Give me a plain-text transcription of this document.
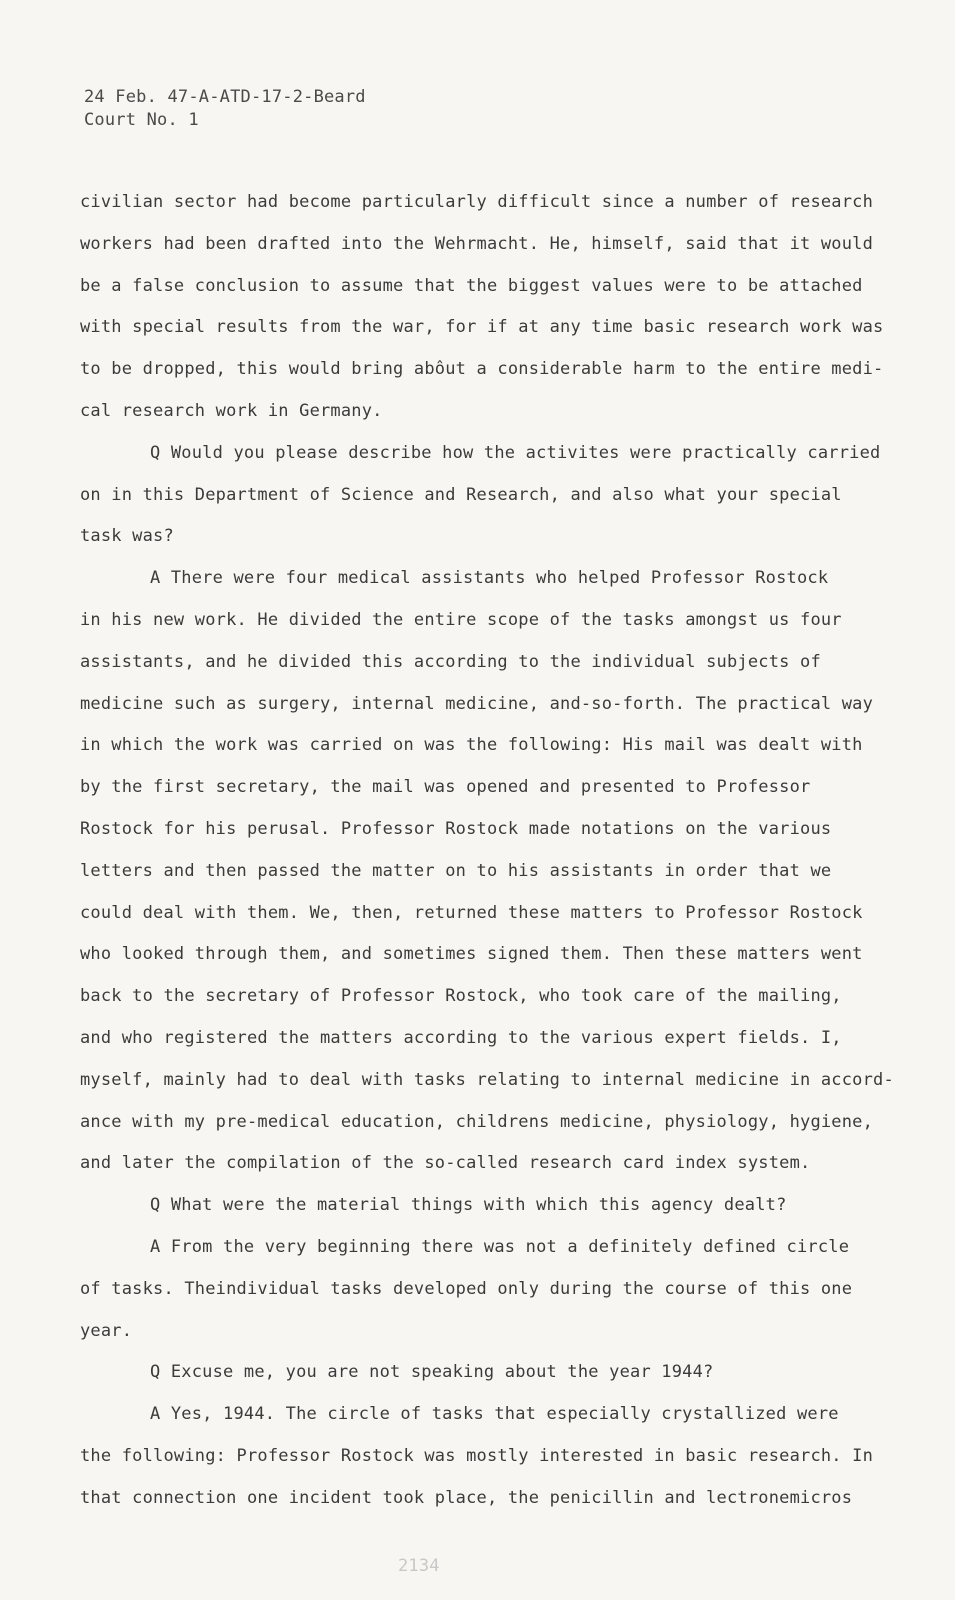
24 Feb. 47-A-ATD-17-2-Beard
Court No. 1
civilian sector had become particularly difficult since a number of research
workers had been drafted into the Wehrmacht. He, himself, said that it would
be a false conclusion to assume that the biggest values were to be attached
with special results from the war, for if at any time basic research work was
to be dropped, this would bring abôut a considerable harm to the entire medi-
cal research work in Germany.
Q Would you please describe how the activites were practically carried
on in this Department of Science and Research, and also what your special
task was?
A There were four medical assistants who helped Professor Rostock
in his new work. He divided the entire scope of the tasks amongst us four
assistants, and he divided this according to the individual subjects of
medicine such as surgery, internal medicine, and-so-forth. The practical way
in which the work was carried on was the following: His mail was dealt with
by the first secretary, the mail was opened and presented to Professor
Rostock for his perusal. Professor Rostock made notations on the various
letters and then passed the matter on to his assistants in order that we
could deal with them. We, then, returned these matters to Professor Rostock
who looked through them, and sometimes signed them. Then these matters went
back to the secretary of Professor Rostock, who took care of the mailing,
and who registered the matters according to the various expert fields. I,
myself, mainly had to deal with tasks relating to internal medicine in accord-
ance with my pre-medical education, childrens medicine, physiology, hygiene,
and later the compilation of the so-called research card index system.
Q What were the material things with which this agency dealt?
A From the very beginning there was not a definitely defined circle
of tasks. Theindividual tasks developed only during the course of this one
year.
Q Excuse me, you are not speaking about the year 1944?
A Yes, 1944. The circle of tasks that especially crystallized were
the following: Professor Rostock was mostly interested in basic research. In
that connection one incident took place, the penicillin and lectronemicros
2134
